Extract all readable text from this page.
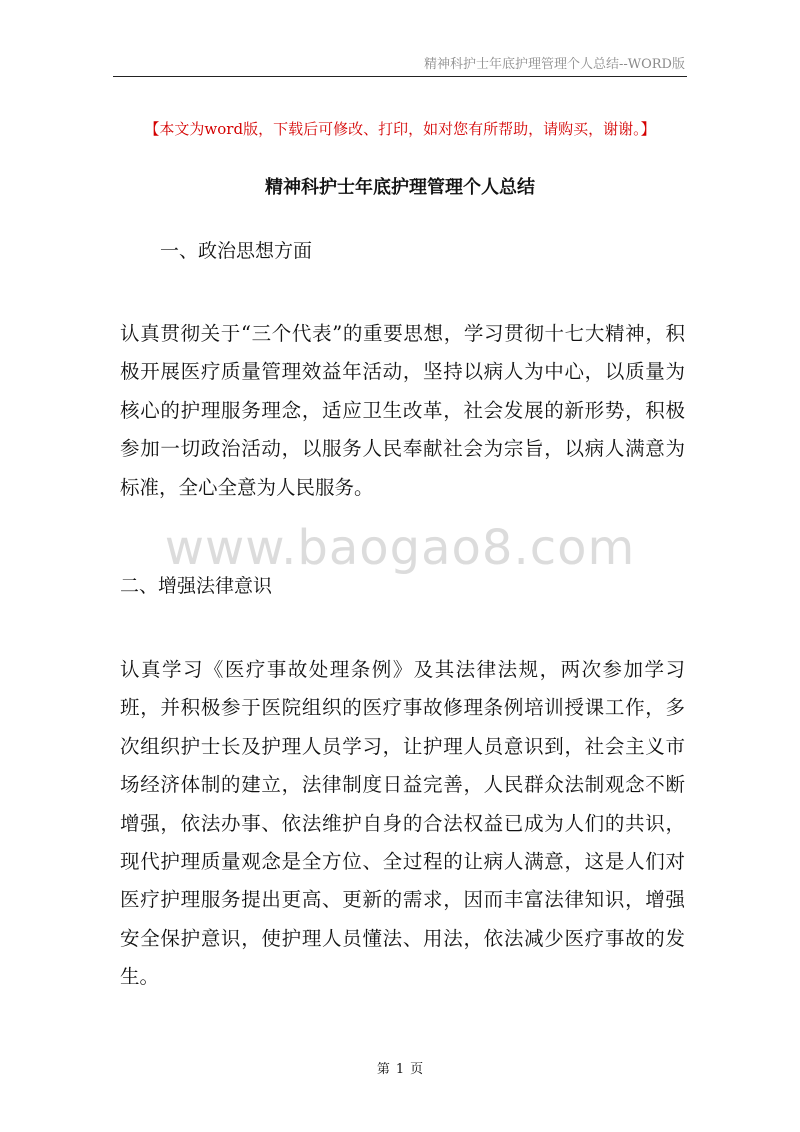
精神科护士年底护理管理个人总结--WORD版
【本文为word版，下载后可修改、打印，如对您有所帮助，请购买，谢谢。】
精神科护士年底护理管理个人总结
一、政治思想方面
认真贯彻关于“三个代表”的重要思想，学习贯彻十七大精神，积极开展医疗质量管理效益年活动，坚持以病人为中心，以质量为核心的护理服务理念，适应卫生改革，社会发展的新形势，积极参加一切政治活动，以服务人民奉献社会为宗旨，以病人满意为标准，全心全意为人民服务。
www.baogao8.com
二、增强法律意识
认真学习《医疗事故处理条例》及其法律法规，两次参加学习班，并积极参于医院组织的医疗事故修理条例培训授课工作，多次组织护士长及护理人员学习，让护理人员意识到，社会主义市场经济体制的建立，法律制度日益完善，人民群众法制观念不断增强，依法办事、依法维护自身的合法权益已成为人们的共识，现代护理质量观念是全方位、全过程的让病人满意，这是人们对医疗护理服务提出更高、更新的需求，因而丰富法律知识，增强安全保护意识，使护理人员懂法、用法，依法减少医疗事故的发生。
第 1 页
